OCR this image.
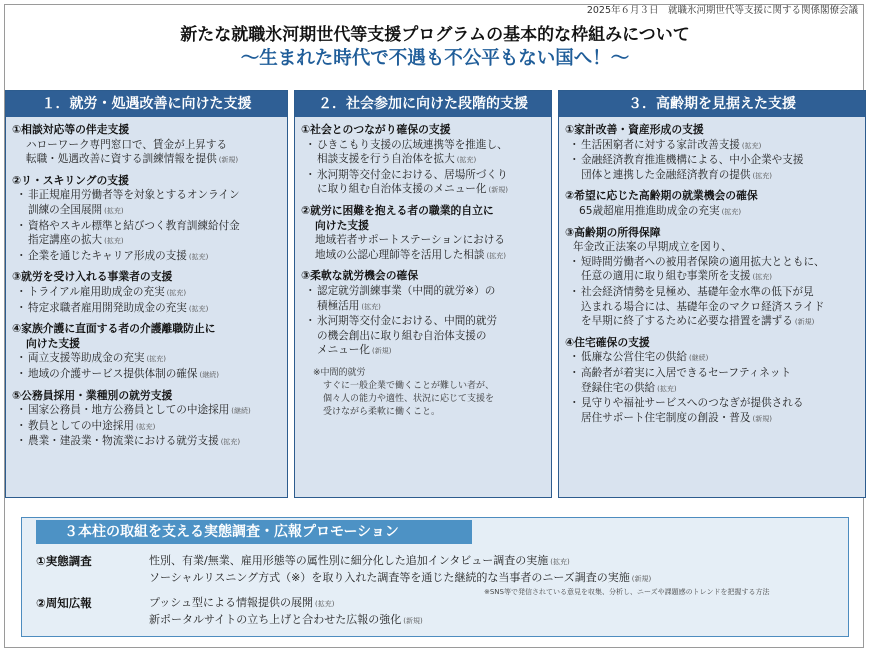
2025年６月３日　就職氷河期世代等支援に関する関係閣僚会議
新たな就職氷河期世代等支援プログラムの基本的な枠組みについて
～生まれた時代で不遇も不公平もない国へ！～
１．就労・処遇改善に向けた支援
①相談対応等の伴走支援
ハローワーク専門窓口で、賃金が上昇する
転職・処遇改善に資する訓練情報を提供 (新規)
②リ・スキリングの支援
・ 非正規雇用労働者等を対象とするオンライン
訓練の全国展開 (拡充)
・ 資格やスキル標準と結びつく教育訓練給付金
指定講座の拡大 (拡充)
・ 企業を通じたキャリア形成の支援 (拡充)
③就労を受け入れる事業者の支援
・ トライアル雇用助成金の充実 (拡充)
・ 特定求職者雇用開発助成金の充実 (拡充)
④家族介護に直面する者の介護離職防止に
向けた支援
・ 両立支援等助成金の充実 (拡充)
・ 地域の介護サービス提供体制の確保 (継続)
⑤公務員採用・業種別の就労支援
・ 国家公務員・地方公務員としての中途採用 (継続)
・ 教員としての中途採用 (拡充)
・ 農業・建設業・物流業における就労支援 (拡充)
２．社会参加に向けた段階的支援
①社会とのつながり確保の支援
・ ひきこもり支援の広域連携等を推進し、
相談支援を行う自治体を拡大 (拡充)
・ 氷河期等交付金における、居場所づくり
に取り組む自治体支援のメニュー化 (新規)
②就労に困難を抱える者の職業的自立に
向けた支援
地域若者サポートステーションにおける
地域の公認心理師等を活用した相談 (拡充)
③柔軟な就労機会の確保
・ 認定就労訓練事業（中間的就労※）の
積極活用 (拡充)
・ 氷河期等交付金における、中間的就労
の機会創出に取り組む自治体支援の
メニュー化 (新規)
※中間的就労
すぐに一般企業で働くことが難しい者が、
個々人の能力や適性、状況に応じて支援を
受けながら柔軟に働くこと。
３．高齢期を見据えた支援
①家計改善・資産形成の支援
・ 生活困窮者に対する家計改善支援 (拡充)
・ 金融経済教育推進機構による、中小企業や支援
団体と連携した金融経済教育の提供 (拡充)
②希望に応じた高齢期の就業機会の確保
65歳超雇用推進助成金の充実 (拡充)
③高齢期の所得保障
年金改正法案の早期成立を図り、
・ 短時間労働者への被用者保険の適用拡大とともに、
任意の適用に取り組む事業所を支援 (拡充)
・ 社会経済情勢を見極め、基礎年金水準の低下が見
込まれる場合には、基礎年金のマクロ経済スライド
を早期に終了するために必要な措置を講ずる (新規)
④住宅確保の支援
・ 低廉な公営住宅の供給 (継続)
・ 高齢者が着実に入居できるセーフティネット
登録住宅の供給 (拡充)
・ 見守りや福祉サービスへのつなぎが提供される
居住サポート住宅制度の創設・普及 (新規)
３本柱の取組を支える実態調査・広報プロモーション
①実態調査	性別、有業/無業、雇用形態等の属性別に細分化した追加インタビュー調査の実施 (拡充)
ソーシャルリスニング方式（※）を取り入れた調査等を通じた継続的な当事者のニーズ調査の実施 (新規)
※SNS等で発信されている意見を収集、分析し、ニーズや課題感のトレンドを把握する方法
②周知広報	プッシュ型による情報提供の展開 (拡充)
新ポータルサイトの立ち上げと合わせた広報の強化 (新規)
